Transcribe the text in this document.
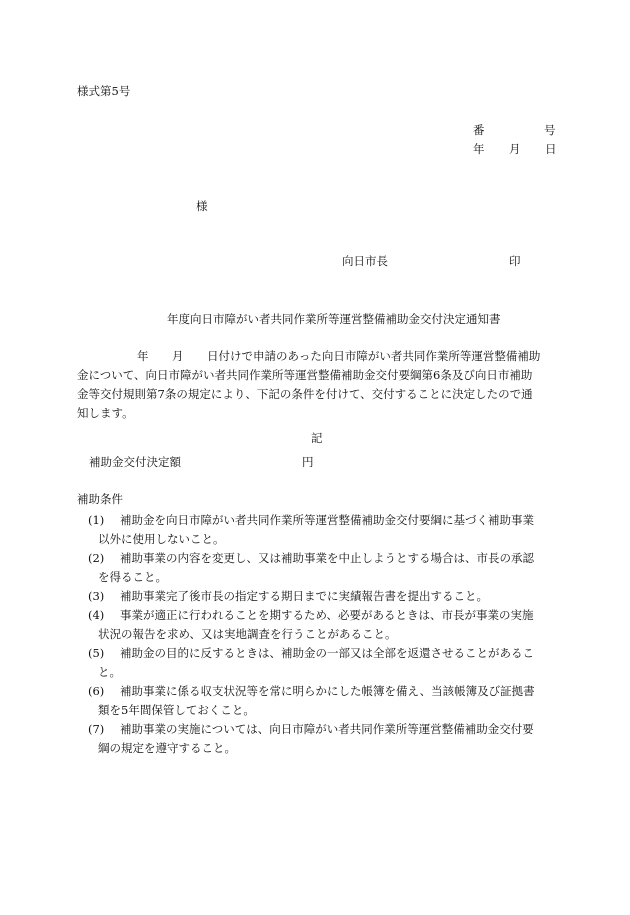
様式第5号
番	号
年 月 日
様
向日市長	印
年度向日市障がい者共同作業所等運営整備補助金交付決定通知書
年 月	日付けで申請のあった向日市障がい者共同作業所等運営整備補助
金について、向日市障がい者共同作業所等運営整備補助金交付要綱第6条及び向日市補助
金等交付規則第7条の規定により、下記の条件を付けて、交付することに決定したので通
知します。
記
補助金交付決定額	円
補助条件
(1)	補助金を向日市障がい者共同作業所等運営整備補助金交付要綱に基づく補助事業
以外に使用しないこと。
(2)	補助事業の内容を変更し、又は補助事業を中止しようとする場合は、市長の承認
を得ること。
(3)	補助事業完了後市長の指定する期日までに実績報告書を提出すること。
(4)	事業が適正に行われることを期するため、必要があるときは、市長が事業の実施
状況の報告を求め、又は実地調査を行うことがあること。
(5)	補助金の目的に反するときは、補助金の一部又は全部を返還させることがあるこ
と。
(6)	補助事業に係る収支状況等を常に明らかにした帳簿を備え、当該帳簿及び証拠書
類を5年間保管しておくこと。
(7)	補助事業の実施については、向日市障がい者共同作業所等運営整備補助金交付要
綱の規定を遵守すること。
